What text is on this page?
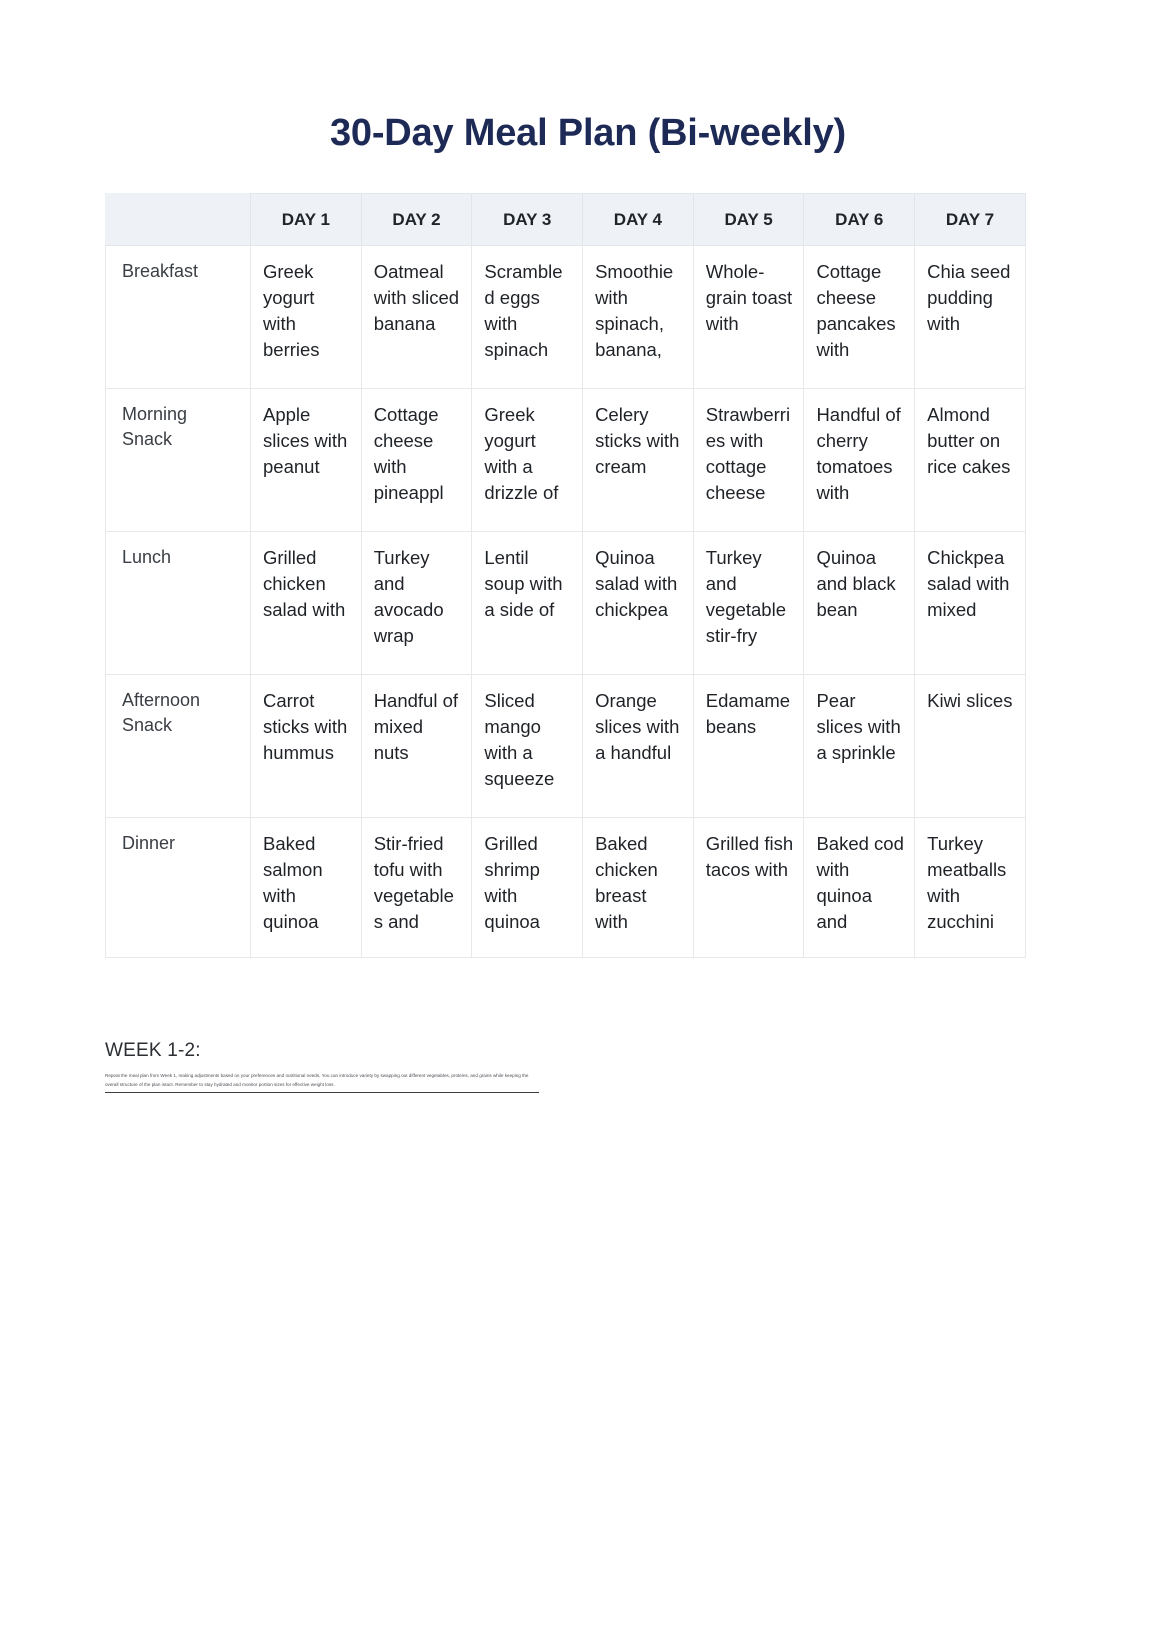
30-Day Meal Plan (Bi-weekly)
	DAY 1	DAY 2	DAY 3	DAY 4	DAY 5	DAY 6	DAY 7

Breakfast	Greek yogurt with berries	Oatmeal with sliced banana	Scrambled eggs with spinach	Smoothie with spinach, banana,	Whole-grain toast with	Cottage cheese pancakes with	Chia seed pudding with

Morning Snack	Apple slices with peanut	Cottage cheese with pineappl	Greek yogurt with a drizzle of	Celery sticks with cream	Strawberries with cottage cheese	Handful of cherry tomatoes with	Almond butter on rice cakes

Lunch	Grilled chicken salad with	Turkey and avocado wrap	Lentil soup with a side of	Quinoa salad with chickpea	Turkey and vegetable stir-fry	Quinoa and black bean	Chickpea salad with mixed

Afternoon Snack	Carrot sticks with hummus	Handful of mixed nuts	Sliced mango with a squeeze	Orange slices with a handful	Edamame beans	Pear slices with a sprinkle	Kiwi slices

Dinner	Baked salmon with quinoa	Stir-fried tofu with vegetables and	Grilled shrimp with quinoa	Baked chicken breast with	Grilled fish tacos with	Baked cod with quinoa and	Turkey meatballs with zucchini
WEEK 1-2:
Repeat the meal plan from Week 1, making adjustments based on your preferences and nutritional needs. You can introduce variety by swapping out different vegetables, proteins, and grains while keeping the overall structure of the plan intact. Remember to stay hydrated and monitor portion sizes for effective weight loss.
